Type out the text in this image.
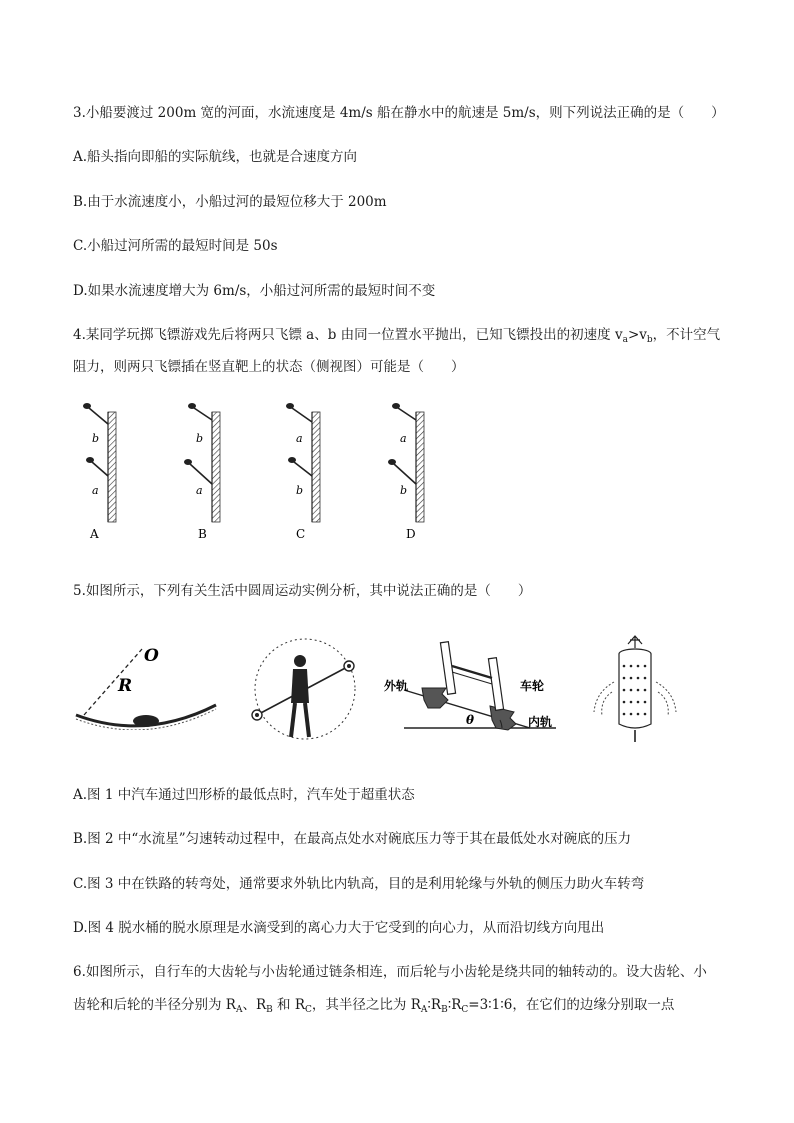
3.小船要渡过 200m 宽的河面，水流速度是 4m/s 船在静水中的航速是 5m/s，则下列说法正确的是（　　）
A.船头指向即船的实际航线，也就是合速度方向
B.由于水流速度小，小船过河的最短位移大于 200m
C.小船过河所需的最短时间是 50s
D.如果水流速度增大为 6m/s，小船过河所需的最短时间不变
4.某同学玩掷飞镖游戏先后将两只飞镖 a、b 由同一位置水平抛出，已知飞镖投出的初速度 $v_a>v_b$，不计空气
阻力，则两只飞镖插在竖直靶上的状态（侧视图）可能是（　　）
b
a
A
b
a
B
a
b
C
a
b
D
5.如图所示，下列有关生活中圆周运动实例分析，其中说法正确的是（　　）
O
R	外轨	车轮
内轨
θ
A.图 1 中汽车通过凹形桥的最低点时，汽车处于超重状态
B.图 2 中“水流星”匀速转动过程中，在最高点处水对碗底压力等于其在最低处水对碗底的压力
C.图 3 中在铁路的转弯处，通常要求外轨比内轨高，目的是利用轮缘与外轨的侧压力助火车转弯
D.图 4 脱水桶的脱水原理是水滴受到的离心力大于它受到的向心力，从而沿切线方向甩出
6.如图所示，自行车的大齿轮与小齿轮通过链条相连，而后轮与小齿轮是绕共同的轴转动的。设大齿轮、小
齿轮和后轮的半径分别为 $R_A$、$R_B$ 和 $R_C$，其半径之比为 $R_A∶R_B∶R_C=3∶1∶6$，在它们的边缘分别取一点
